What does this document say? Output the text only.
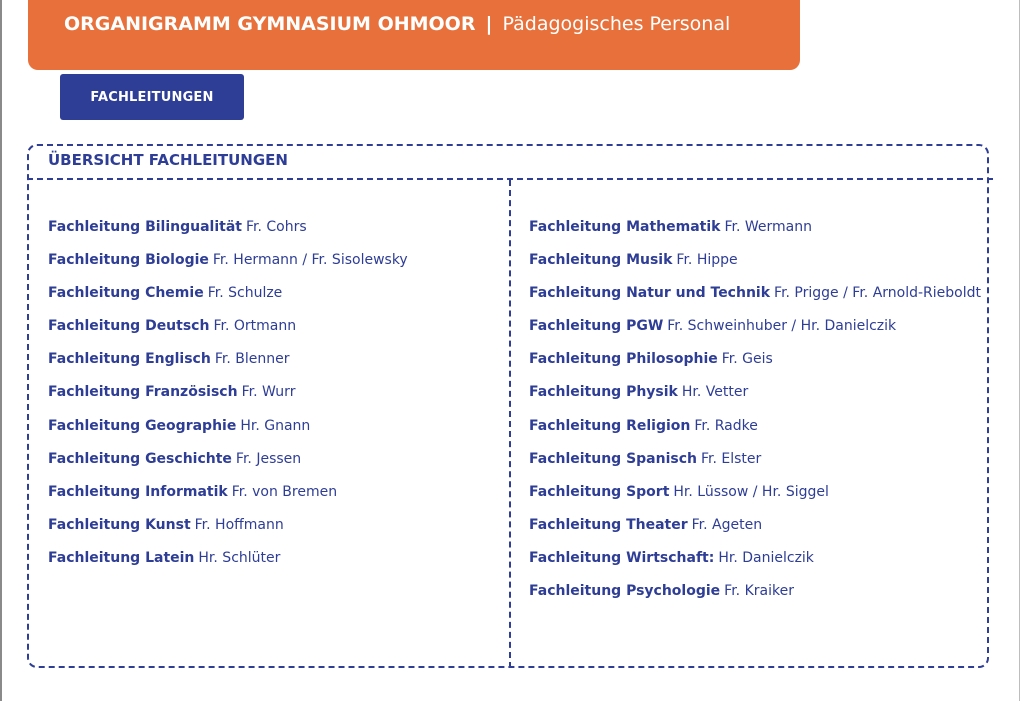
ORGANIGRAMM GYMNASIUM OHMOOR | Pädagogisches Personal
FACHLEITUNGEN
ÜBERSICHT FACHLEITUNGEN
Fachleitung Bilingualität Fr. Cohrs
Fachleitung Biologie Fr. Hermann / Fr. Sisolewsky
Fachleitung Chemie Fr. Schulze
Fachleitung Deutsch Fr. Ortmann
Fachleitung Englisch Fr. Blenner
Fachleitung Französisch Fr. Wurr
Fachleitung Geographie Hr. Gnann
Fachleitung Geschichte Fr. Jessen
Fachleitung Informatik Fr. von Bremen
Fachleitung Kunst Fr. Hoffmann
Fachleitung Latein Hr. Schlüter
Fachleitung Mathematik Fr. Wermann
Fachleitung Musik Fr. Hippe
Fachleitung Natur und Technik Fr. Prigge / Fr. Arnold-Rieboldt
Fachleitung PGW Fr. Schweinhuber / Hr. Danielczik
Fachleitung Philosophie Fr. Geis
Fachleitung Physik Hr. Vetter
Fachleitung Religion Fr. Radke
Fachleitung Spanisch Fr. Elster
Fachleitung Sport Hr. Lüssow / Hr. Siggel
Fachleitung Theater Fr. Ageten
Fachleitung Wirtschaft: Hr. Danielczik
Fachleitung Psychologie Fr. Kraiker
